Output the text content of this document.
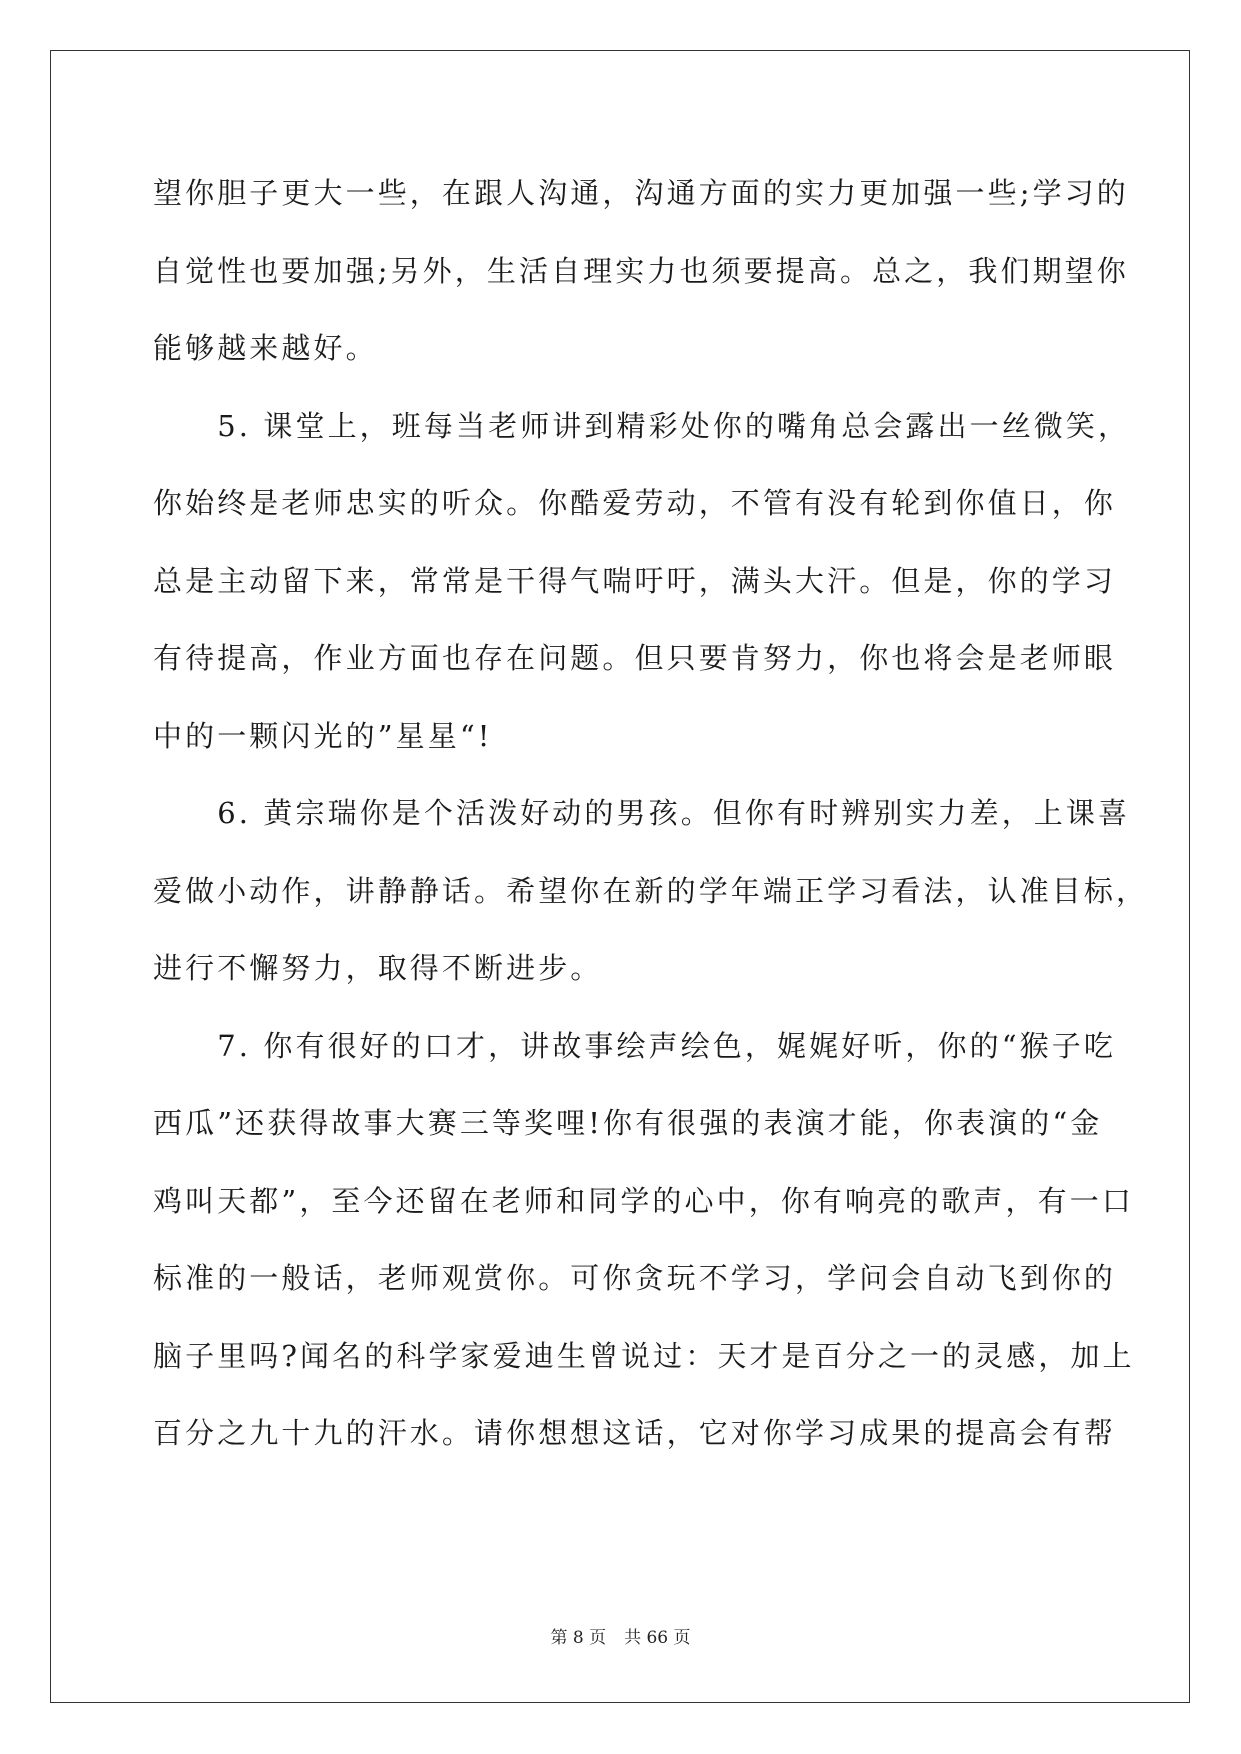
望你胆子更大一些，在跟人沟通，沟通方面的实力更加强一些;学习的
自觉性也要加强;另外，生活自理实力也须要提高。总之，我们期望你
能够越来越好。
　　5. 课堂上，班每当老师讲到精彩处你的嘴角总会露出一丝微笑，
你始终是老师忠实的听众。你酷爱劳动，不管有没有轮到你值日，你
总是主动留下来，常常是干得气喘吁吁，满头大汗。但是，你的学习
有待提高，作业方面也存在问题。但只要肯努力，你也将会是老师眼
中的一颗闪光的”星星“!
　　6. 黄宗瑞你是个活泼好动的男孩。但你有时辨别实力差，上课喜
爱做小动作，讲静静话。希望你在新的学年端正学习看法，认准目标，
进行不懈努力，取得不断进步。
　　7. 你有很好的口才，讲故事绘声绘色，娓娓好听，你的“猴子吃
西瓜”还获得故事大赛三等奖哩!你有很强的表演才能，你表演的“金
鸡叫天都”，至今还留在老师和同学的心中，你有响亮的歌声，有一口
标准的一般话，老师观赏你。可你贪玩不学习，学问会自动飞到你的
脑子里吗?闻名的科学家爱迪生曾说过：天才是百分之一的灵感，加上
百分之九十九的汗水。请你想想这话，它对你学习成果的提高会有帮
第 8 页 共 66 页
